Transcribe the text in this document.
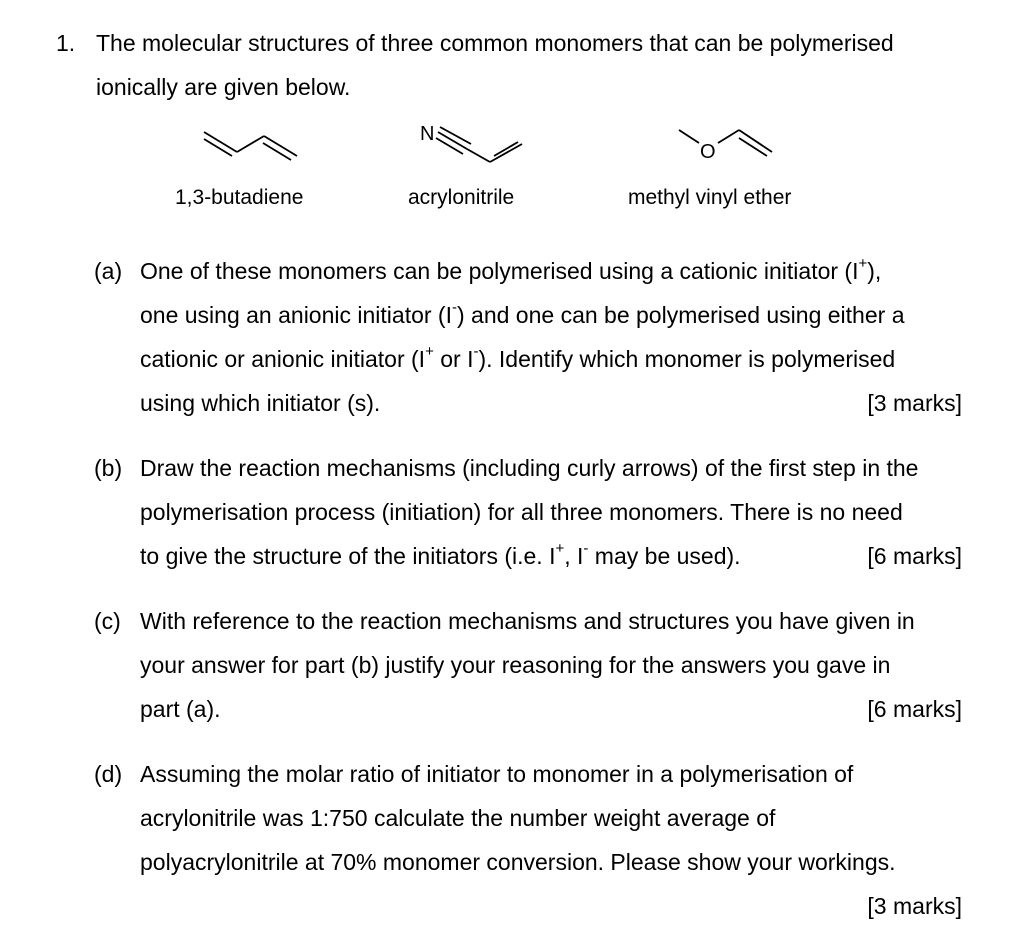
1. The molecular structures of three common monomers that can be polymerised
ionically are given below.
N
O
1,3-butadiene	acrylonitrile	methyl vinyl ether
(a) One of these monomers can be polymerised using a cationic initiator (I+),
one using an anionic initiator (I-) and one can be polymerised using either a
cationic or anionic initiator (I+ or I-). Identify which monomer is polymerised
using which initiator (s).	[3 marks]
(b) Draw the reaction mechanisms (including curly arrows) of the first step in the
polymerisation process (initiation) for all three monomers. There is no need
to give the structure of the initiators (i.e. I+, I- may be used).	[6 marks]
(c) With reference to the reaction mechanisms and structures you have given in
your answer for part (b) justify your reasoning for the answers you gave in
part (a).	[6 marks]
(d) Assuming the molar ratio of initiator to monomer in a polymerisation of
acrylonitrile was 1:750 calculate the number weight average of
polyacrylonitrile at 70% monomer conversion. Please show your workings.
[3 marks]
